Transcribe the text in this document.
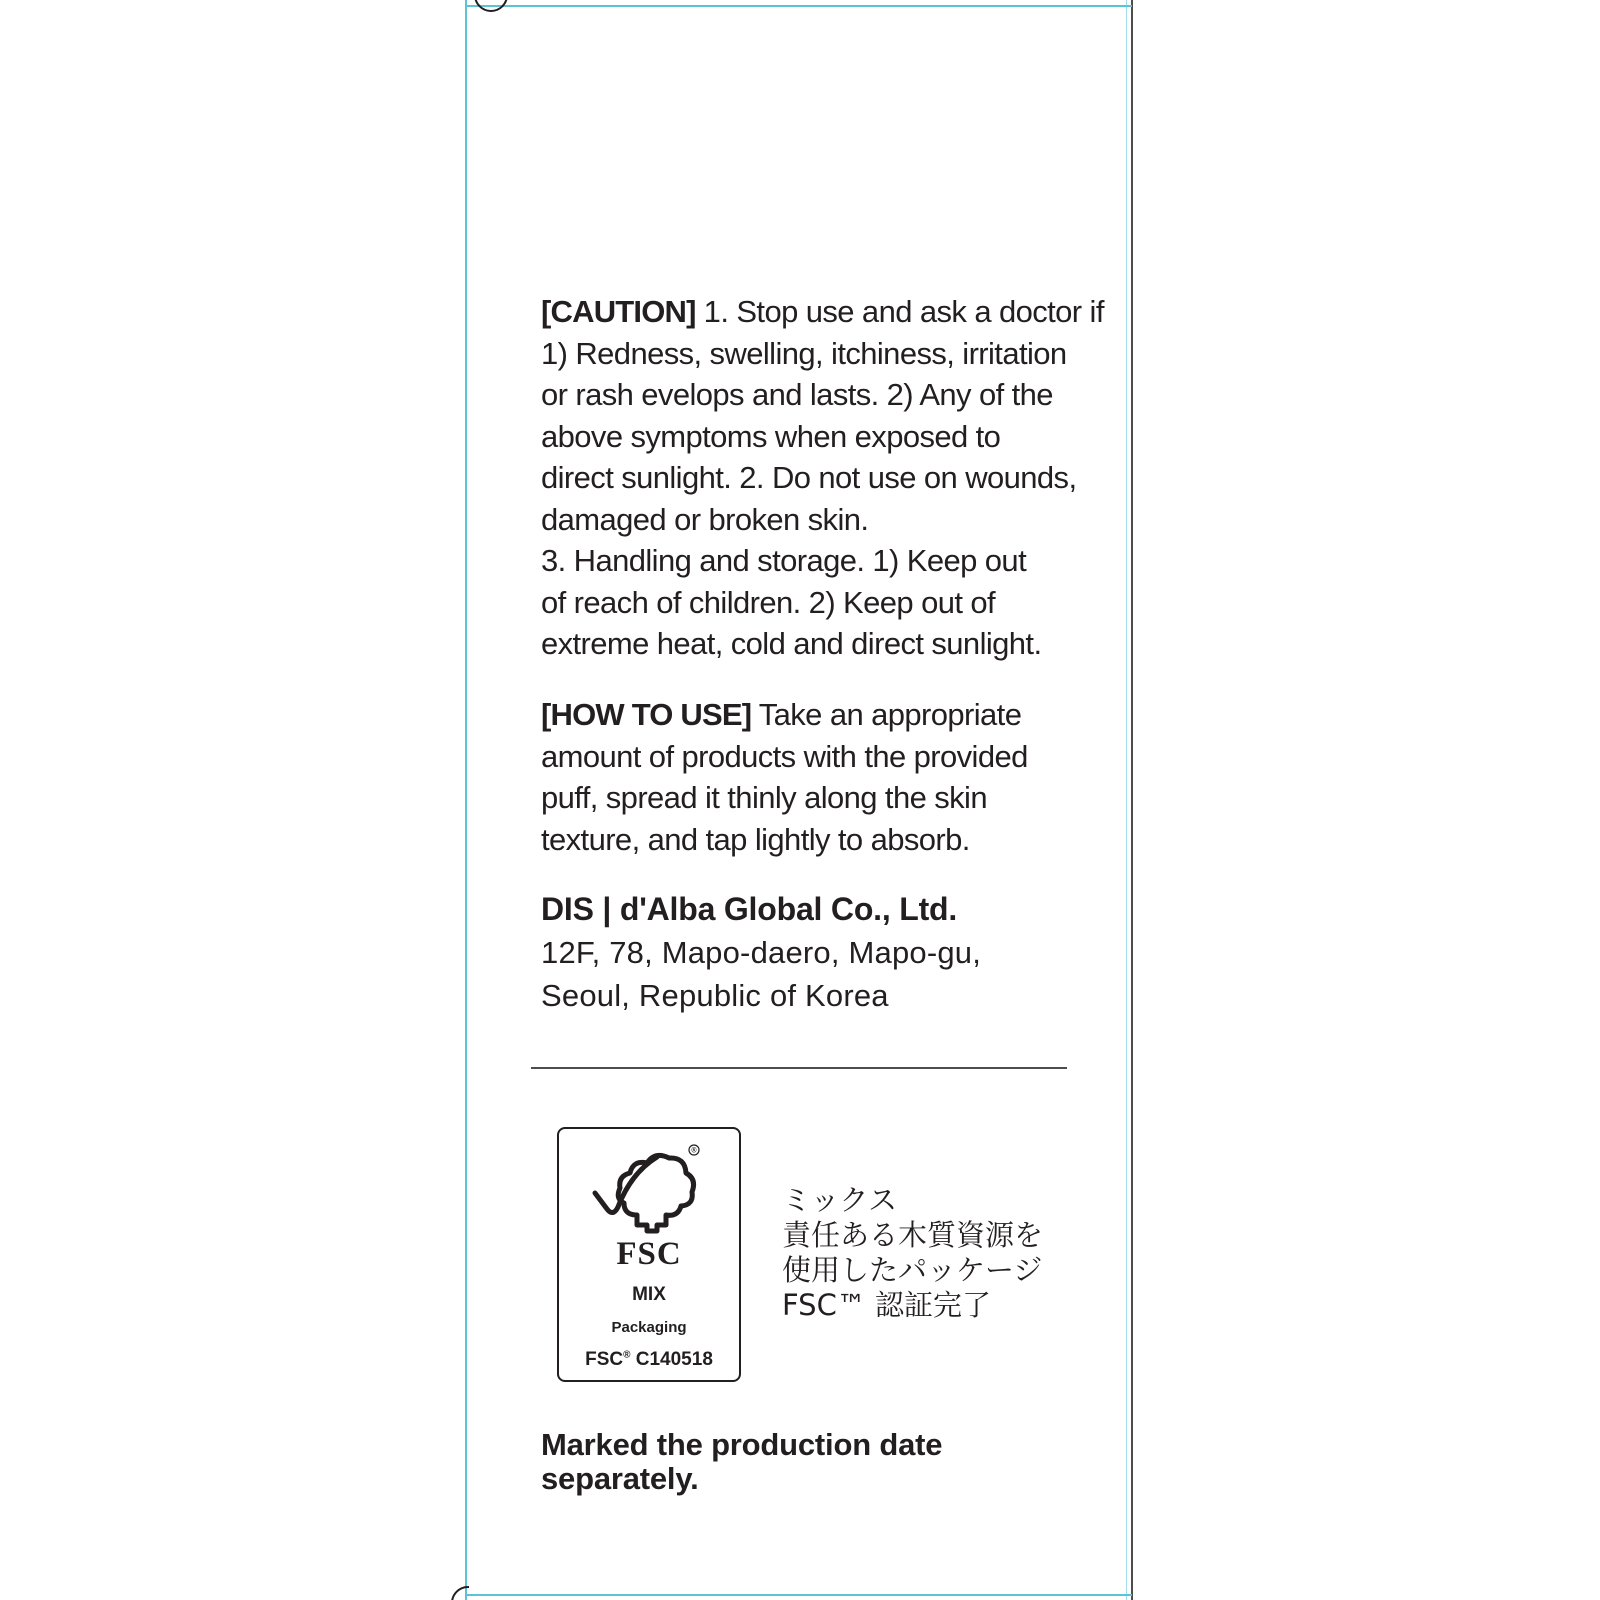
[CAUTION] 1. Stop use and ask a doctor if
1) Redness, swelling, itchiness, irritation
or rash evelops and lasts. 2) Any of the
above symptoms when exposed to
direct sunlight. 2. Do not use on wounds,
damaged or broken skin.
3. Handling and storage. 1) Keep out
of reach of children. 2) Keep out of
extreme heat, cold and direct sunlight.
[HOW TO USE] Take an appropriate
amount of products with the provided
puff, spread it thinly along the skin
texture, and tap lightly to absorb.
DIS | d'Alba Global Co., Ltd.
12F, 78, Mapo-daero, Mapo-gu,
Seoul, Republic of Korea
®
FSC
MIX
Packaging
FSC® C140518
ミックス
責任ある木質資源を
使用したパッケージ
FSC™ 認証完了
Marked the production date
separately.
